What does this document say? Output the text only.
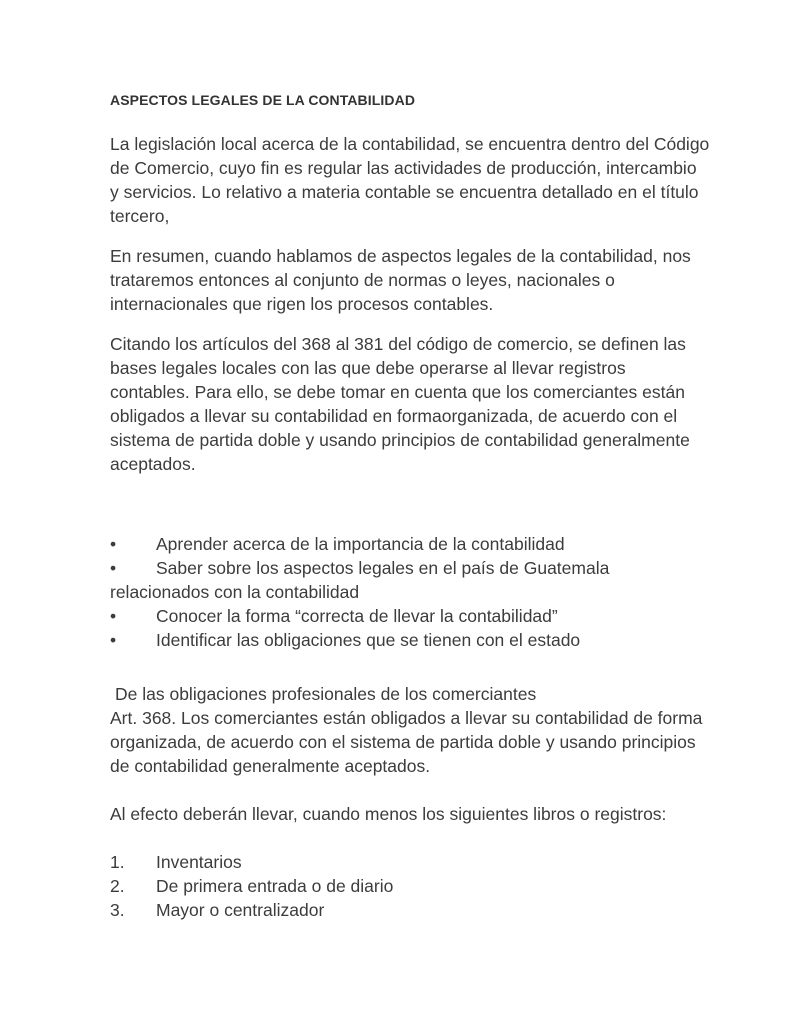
ASPECTOS LEGALES DE LA CONTABILIDAD

La legislación local acerca de la contabilidad, se encuentra dentro del Código de Comercio, cuyo fin es regular las actividades de producción, intercambio y servicios. Lo relativo a materia contable se encuentra detallado en el título tercero,

En resumen, cuando hablamos de aspectos legales de la contabilidad, nos trataremos entonces al conjunto de normas o leyes, nacionales o internacionales que rigen los procesos contables.

Citando los artículos del 368 al 381 del código de comercio, se definen las bases legales locales con las que debe operarse al llevar registros contables. Para ello, se debe tomar en cuenta que los comerciantes están obligados a llevar su contabilidad en formaorganizada, de acuerdo con el sistema de partida doble y usando principios de contabilidad generalmente aceptados.

•	Aprender acerca de la importancia de la contabilidad
•	Saber sobre los aspectos legales en el país de Guatemala
relacionados con la contabilidad
•	Conocer la forma “correcta de llevar la contabilidad”
•	Identificar las obligaciones que se tienen con el estado
De las obligaciones profesionales de los comerciantes
Art. 368. Los comerciantes están obligados a llevar su contabilidad de forma organizada, de acuerdo con el sistema de partida doble y usando principios de contabilidad generalmente aceptados.

Al efecto deberán llevar, cuando menos los siguientes libros o registros:

1. Inventarios
2. De primera entrada o de diario
3. Mayor o centralizador
